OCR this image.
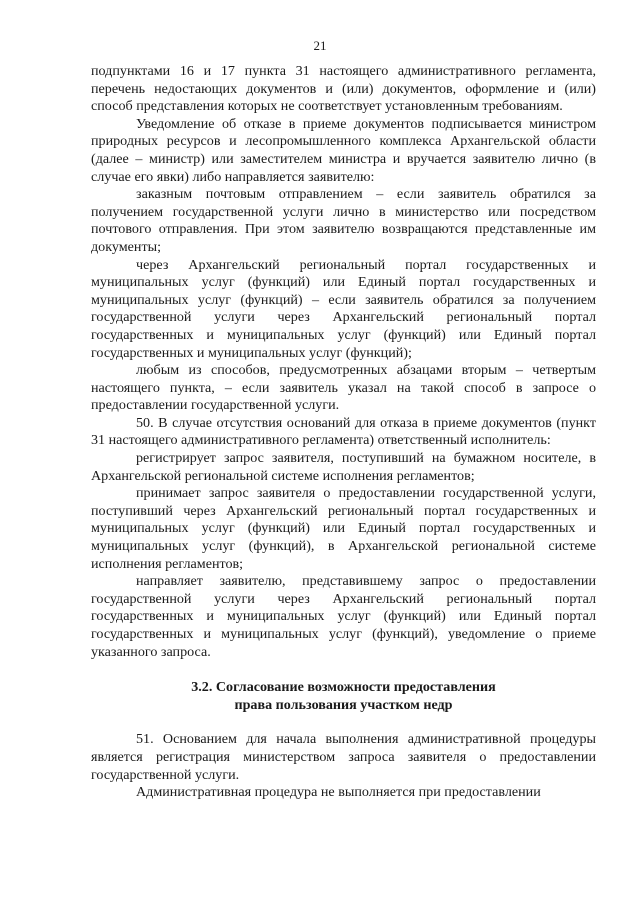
21

подпунктами 16 и 17 пункта 31 настоящего административного регламента, перечень недостающих документов и (или) документов, оформление и (или) способ представления которых не соответствует установленным требованиям.

Уведомление об отказе в приеме документов подписывается министром природных ресурсов и лесопромышленного комплекса Архангельской области (далее – министр) или заместителем министра и вручается заявителю лично (в случае его явки) либо направляется заявителю:

заказным почтовым отправлением – если заявитель обратился за получением государственной услуги лично в министерство или посредством почтового отправления. При этом заявителю возвращаются представленные им документы;

через Архангельский региональный портал государственных и муниципальных услуг (функций) или Единый портал государственных и муниципальных услуг (функций) – если заявитель обратился за получением государственной услуги через Архангельский региональный портал государственных и муниципальных услуг (функций) или Единый портал государственных и муниципальных услуг (функций);

любым из способов, предусмотренных абзацами вторым – четвертым настоящего пункта, – если заявитель указал на такой способ в запросе о предоставлении государственной услуги.

50. В случае отсутствия оснований для отказа в приеме документов (пункт 31 настоящего административного регламента) ответственный исполнитель:

регистрирует запрос заявителя, поступивший на бумажном носителе, в Архангельской региональной системе исполнения регламентов;

принимает запрос заявителя о предоставлении государственной услуги, поступивший через Архангельский региональный портал государственных и муниципальных услуг (функций) или Единый портал государственных и муниципальных услуг (функций), в Архангельской региональной системе исполнения регламентов;

направляет заявителю, представившему запрос о предоставлении государственной услуги через Архангельский региональный портал государственных и муниципальных услуг (функций) или Единый портал государственных и муниципальных услуг (функций), уведомление о приеме указанного запроса.

3.2. Согласование возможности предоставления
права пользования участком недр

51. Основанием для начала выполнения административной процедуры является регистрация министерством запроса заявителя о предоставлении государственной услуги.

Административная процедура не выполняется при предоставлении
